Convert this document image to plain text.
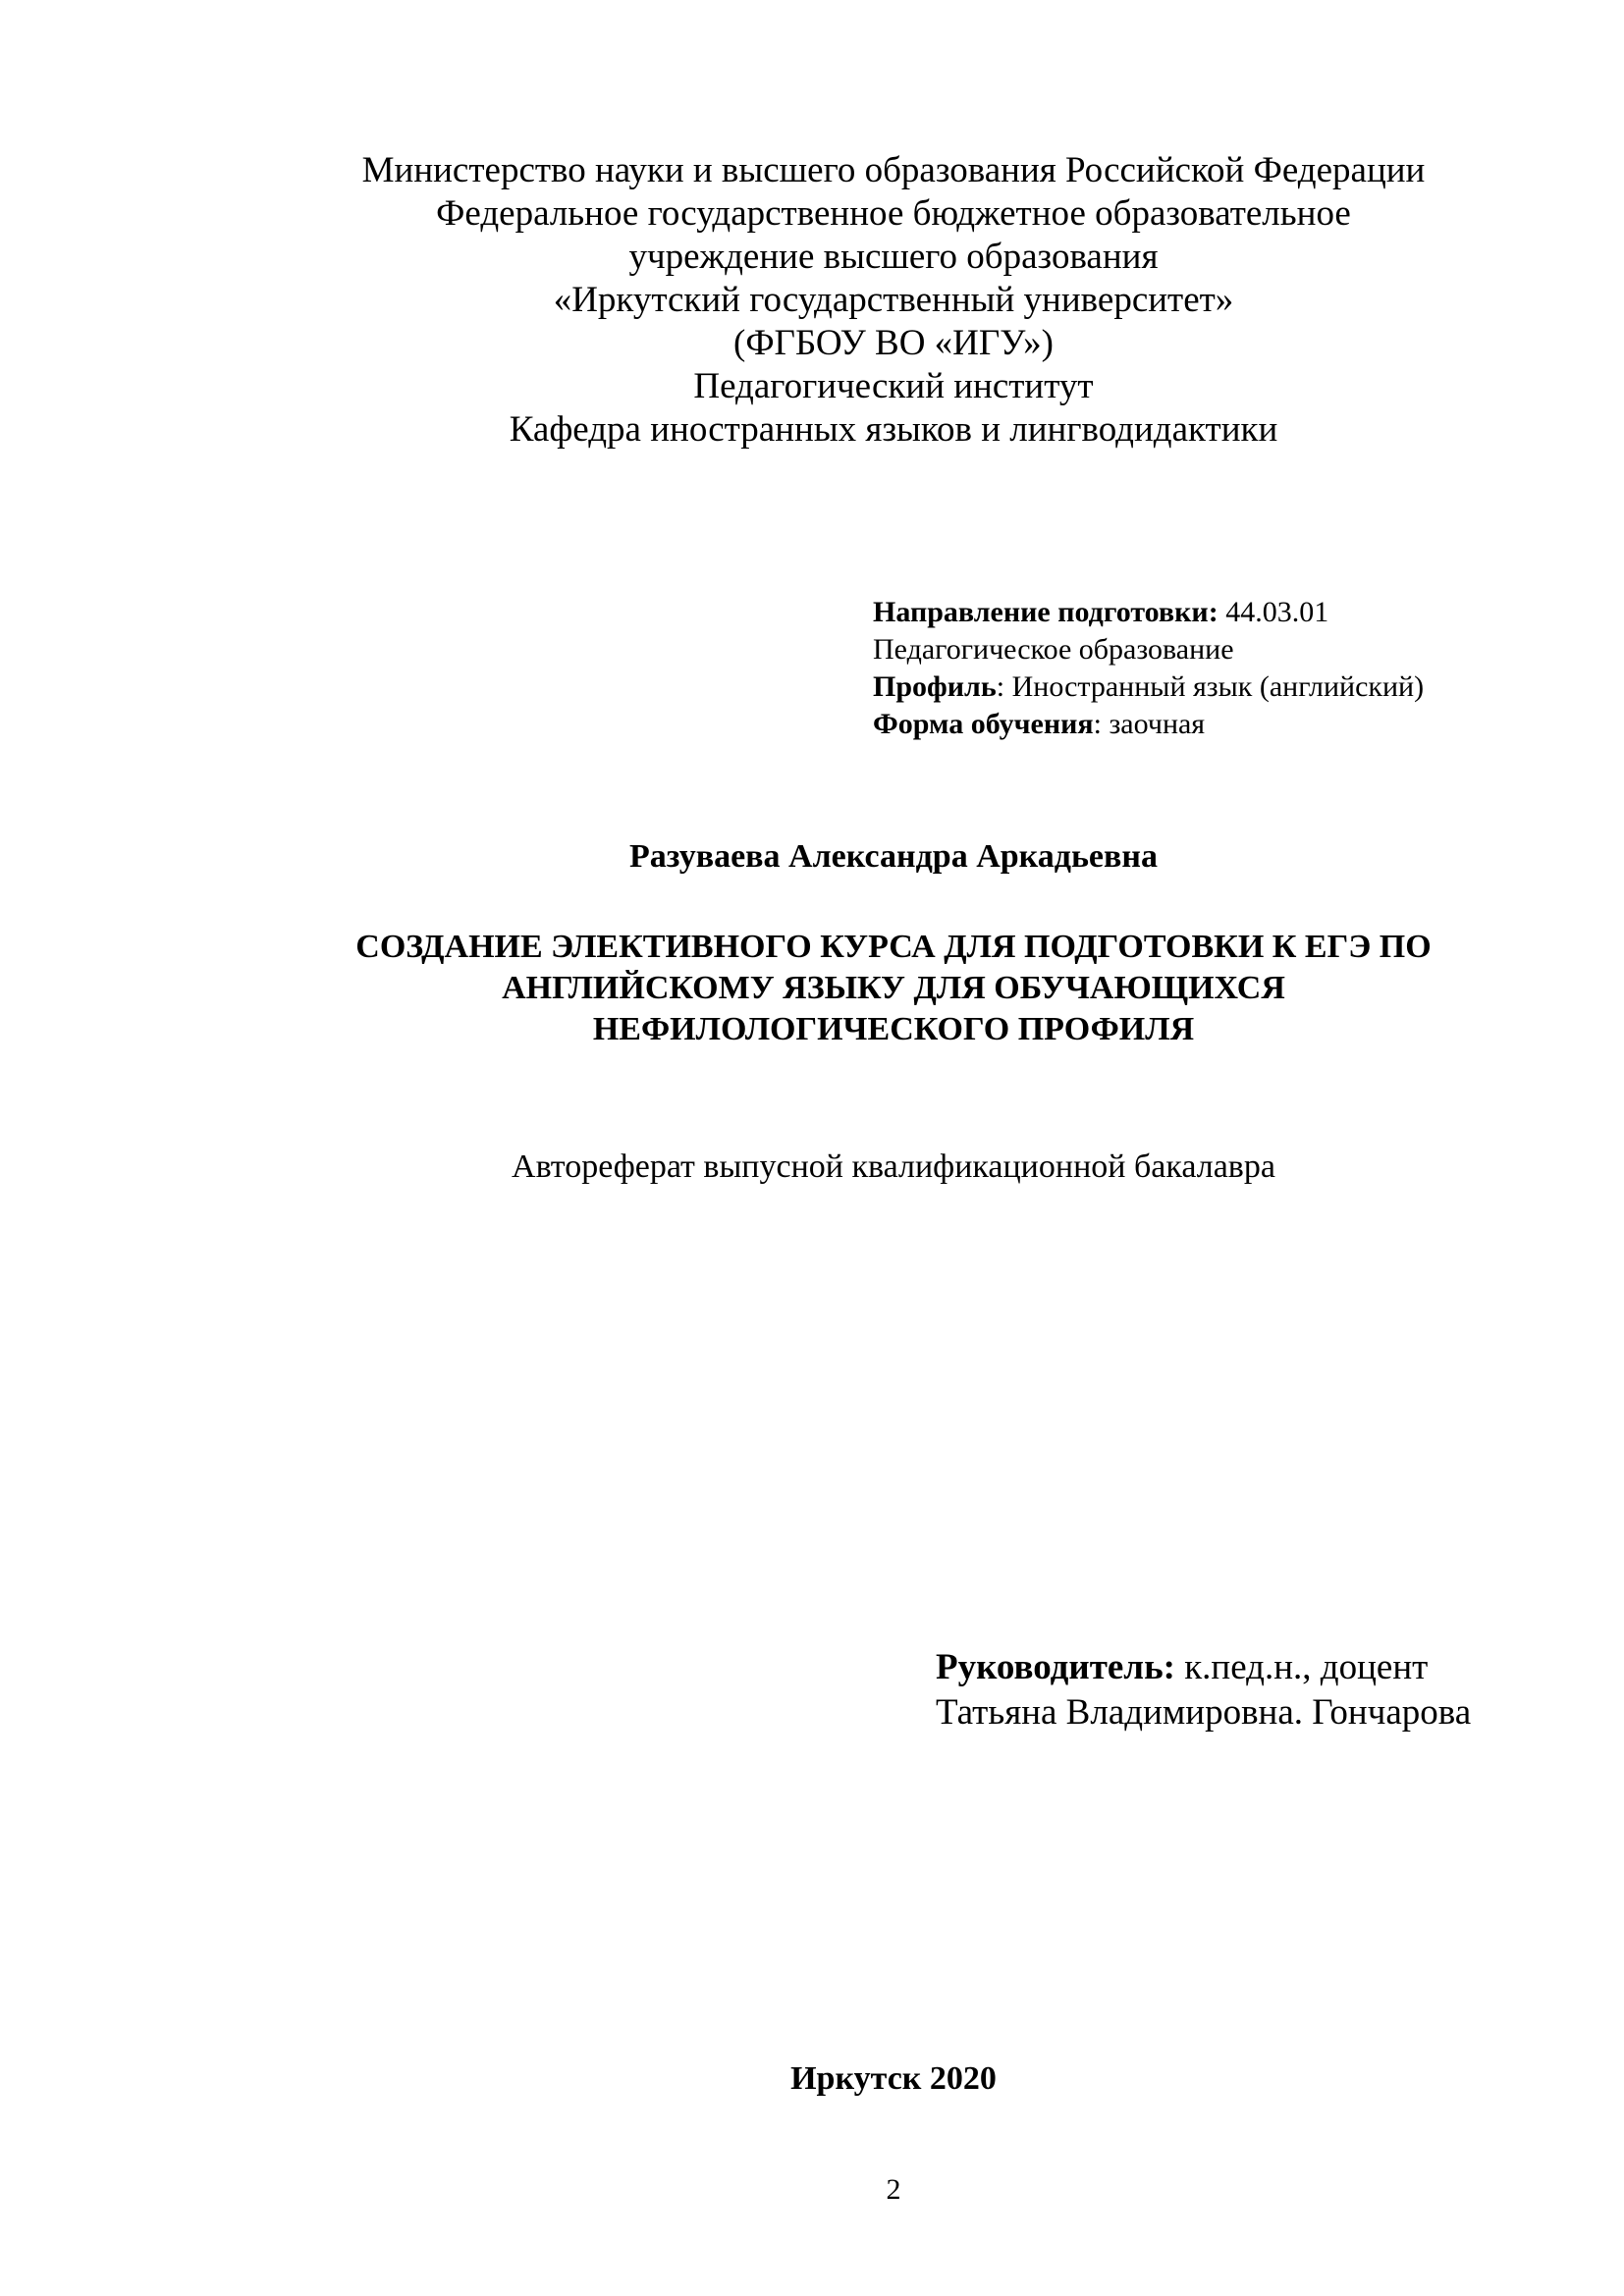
Министерство науки и высшего образования Российской Федерации
Федеральное государственное бюджетное образовательное
учреждение высшего образования
«Иркутский государственный университет»
(ФГБОУ ВО «ИГУ»)
Педагогический институт
Кафедра иностранных языков и лингводидактики
Направление подготовки: 44.03.01
Педагогическое образование
Профиль: Иностранный язык (английский)
Форма обучения: заочная
Разуваева Александра Аркадьевна
СОЗДАНИЕ ЭЛЕКТИВНОГО КУРСА ДЛЯ ПОДГОТОВКИ К ЕГЭ ПО
АНГЛИЙСКОМУ ЯЗЫКУ ДЛЯ ОБУЧАЮЩИХСЯ
НЕФИЛОЛОГИЧЕСКОГО ПРОФИЛЯ
Автореферат выпусной квалификационной бакалавра
Руководитель: к.пед.н., доцент
Татьяна Владимировна. Гончарова
Иркутск 2020
2
